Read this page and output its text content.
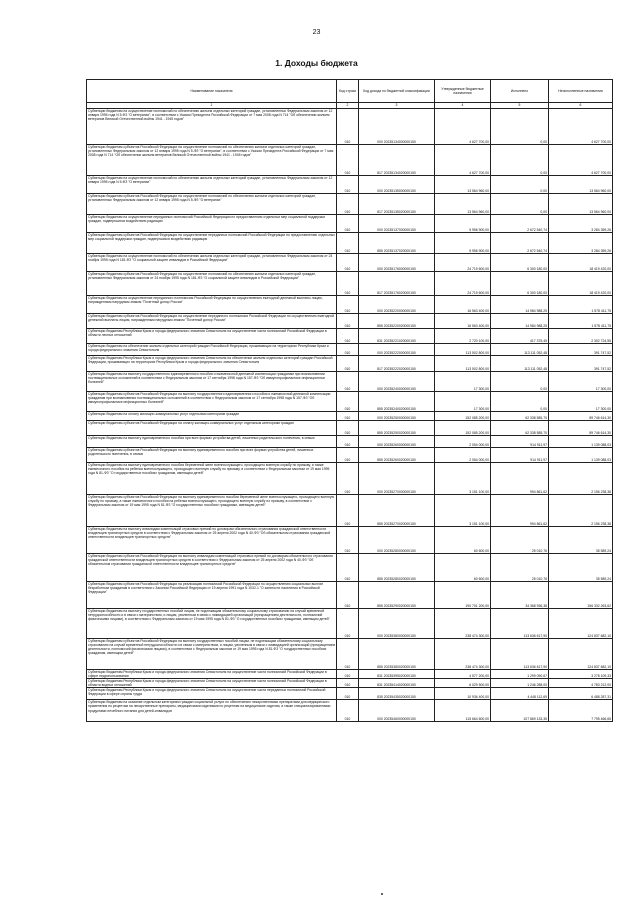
23
1. Доходы бюджета
Наименование показателя	Код строки	Код дохода по бюджетной классификации	Утвержденные бюджетные назначения	Исполнено	Неисполненные назначения
1	2	3	4	5	6
Субвенции бюджетам на осуществление полномочий по обеспечению жильем отдельных категорий граждан, установленных Федеральным законом от 12 января 1995 года N 5-ФЗ "О ветеранах", в соответствии с Указом Президента Российской Федерации от 7 мая 2008 года N 714 "Об обеспечении жильем ветеранов Великой Отечественной войны 1941 - 1945 годов"	010	000 20235134000000150	4 627 700,00	0,00	4 627 700,00
Субвенции бюджетам субъектов Российской Федерации на осуществление полномочий по обеспечению жильем отдельных категорий граждан, установленных Федеральным законом от 12 января 1995 года N 5-ФЗ "О ветеранах", в соответствии с Указом Президента Российской Федерации от 7 мая 2008 года N 714 "Об обеспечении жильем ветеранов Великой Отечественной войны 1941 - 1945 годов"	010	817 20235134020000150	4 627 700,00	0,00	4 627 700,00
Субвенции бюджетам на осуществление полномочий по обеспечению жильем отдельных категорий граждан, установленных Федеральным законом от 12 января 1995 года N 5-ФЗ "О ветеранах"	010	000 20235135000000150	13 564 960,00	0,00	13 564 960,00
Субвенции бюджетам субъектов Российской Федерации на осуществление полномочий по обеспечению жильем отдельных категорий граждан, установленных Федеральным законом от 12 января 1995 года N 5-ФЗ "О ветеранах"	010	817 20235135020000150	13 564 960,00	0,00	13 564 960,00
Субвенции бюджетам на осуществление переданных полномочий Российской Федерации по предоставлению отдельных мер социальной поддержки граждан, подвергшихся воздействию радиации	010	000 20235137000000150	5 956 900,00	2 672 540,74	3 284 359,26
Субвенции бюджетам субъектов Российской Федерации на осуществление переданных полномочий Российской Федерации по предоставлению отдельных мер социальной поддержки граждан, подвергшихся воздействию радиации	010	855 20235137020000150	5 956 900,00	2 672 540,74	3 284 359,26
Субвенции бюджетам на осуществление полномочий по обеспечению жильем отдельных категорий граждан, установленных Федеральным законом от 24 ноября 1995 года N 181-ФЗ "О социальной защите инвалидов в Российской Федерации"	010	000 20235176000000150	24 719 600,00	6 300 180,00	18 419 420,00
Субвенции бюджетам субъектов Российской Федерации на осуществление полномочий по обеспечению жильем отдельных категорий граждан, установленных Федеральным законом от 24 ноября 1995 года N 181-ФЗ "О социальной защите инвалидов в Российской Федерации"	010	817 20235176020000150	24 719 600,00	6 300 180,00	18 419 420,00
Субвенции бюджетам на осуществление переданного полномочия Российской Федерации по осуществлению ежегодной денежной выплаты лицам, награжденным нагрудным знаком "Почетный донор России"	010	000 20235220000000150	16 563 400,00	14 984 988,25	1 578 411,75
Субвенции бюджетам субъектов Российской Федерации на осуществление переданного полномочия Российской Федерации по осуществлению ежегодной денежной выплаты лицам, награжденным нагрудным знаком "Почетный донор России"	010	855 20235220020000150	16 563 400,00	14 984 988,25	1 578 411,75
Субвенции бюджетам Республики Крым и города федерального значения Севастополя на осуществление части полномочий Российской Федерации в области лесных отношений	010	831 20235221020000150	2 720 100,00	417 375,45	2 302 724,55
Субвенции бюджетам на обеспечение жильем отдельных категорий граждан Российской Федерации, проживающих на территориях Республики Крым и города федерального значения Севастополя	010	000 20235222000000150	113 502 800,00	113 111 052,48	391 747,52
Субвенции бюджетам Республики Крым и города федерального значения Севастополя на обеспечение жильем отдельных категорий граждан Российской Федерации, проживающих на территориях Республики Крым и города федерального значения Севастополя	010	817 20235222020000150	113 502 800,00	113 111 052,48	391 747,52
Субвенции бюджетам на выплату государственного единовременного пособия и ежемесячной денежной компенсации гражданам при возникновении поствакцинальных осложнений в соответствии с Федеральным законом от 17 сентября 1998 года N 157-ФЗ "Об иммунопрофилактике инфекционных болезней"	010	000 20235240000000150	17 300,00	0,00	17 300,00
Субвенции бюджетам субъектов Российской Федерации на выплату государственного единовременного пособия и ежемесячной денежной компенсации гражданам при возникновении поствакцинальных осложнений в соответствии с Федеральным законом от 17 сентября 1998 года N 157-ФЗ "Об иммунопрофилактике инфекционных болезней"	010	855 20235240020000150	17 300,00	0,00	17 300,00
Субвенции бюджетам на оплату жилищно-коммунальных услуг отдельным категориям граждан	010	000 20235250000000150	152 085 200,00	62 338 585,70	89 746 614,30
Субвенции бюджетам субъектов Российской Федерации на оплату жилищно-коммунальных услуг отдельным категориям граждан	010	855 20235250020000150	152 085 200,00	62 338 585,70	89 746 614,30
Субвенции бюджетам на выплату единовременного пособия при всех формах устройства детей, лишенных родительского попечения, в семью	010	000 20235260000000150	2 054 000,00	914 911,97	1 139 088,03
Субвенции бюджетам субъектов Российской Федерации на выплату единовременного пособия при всех формах устройства детей, лишенных родительского попечения, в семью	010	855 20235260020000150	2 054 000,00	914 911,97	1 139 088,03
Субвенции бюджетам на выплату единовременного пособия беременной жене военнослужащего, проходящего военную службу по призыву, а также ежемесячного пособия на ребенка военнослужащего, проходящего военную службу по призыву, в соответствии с Федеральным законом от 19 мая 1995 года N 81-ФЗ "О государственных пособиях гражданам, имеющим детей"	010	000 20235270000000150	3 151 100,00	994 861,62	2 156 238,38
Субвенции бюджетам субъектов Российской Федерации на выплату единовременного пособия беременной жене военнослужащего, проходящего военную службу по призыву, а также ежемесячного пособия на ребенка военнослужащего, проходящего военную службу по призыву, в соответствии с Федеральным законом от 19 мая 1995 года N 81-ФЗ "О государственных пособиях гражданам, имеющим детей"	010	855 20235270020000150	3 151 100,00	994 861,62	2 156 238,38
Субвенции бюджетам на выплату инвалидам компенсаций страховых премий по договорам обязательного страхования гражданской ответственности владельцев транспортных средств в соответствии с Федеральным законом от 25 апреля 2002 года N 40-ФЗ "Об обязательном страховании гражданской ответственности владельцев транспортных средств"	010	000 20235280000000150	60 600,00	25 010,76	35 589,24
Субвенции бюджетам субъектов Российской Федерации на выплату инвалидам компенсаций страховых премий по договорам обязательного страхования гражданской ответственности владельцев транспортных средств в соответствии с Федеральным законом от 25 апреля 2002 года N 40-ФЗ "Об обязательном страховании гражданской ответственности владельцев транспортных средств"	010	855 20235280020000150	60 600,00	25 010,76	35 589,24
Субвенции бюджетам субъектов Российской Федерации на реализацию полномочий Российской Федерации по осуществлению социальных выплат безработным гражданам в соответствии с Законом Российской Федерации от 19 апреля 1991 года N 1032-1 "О занятости населения в Российской Федерации"	010	855 20235290020000150	190 701 200,00	34 368 936,38	156 332 263,62
Субвенции бюджетам на выплату государственных пособий лицам, не подлежащим обязательному социальному страхованию на случай временной нетрудоспособности и в связи с материнством, и лицам, уволенным в связи с ликвидацией организаций (прекращением деятельности, полномочий физическими лицами), в соответствии с Федеральным законом от 19 мая 1995 года N 81-ФЗ "О государственных пособиях гражданам, имеющим детей"	010	000 20235380000000150	238 474 300,00	113 636 617,90	124 837 682,10
Субвенции бюджетам субъектов Российской Федерации на выплату государственных пособий лицам, не подлежащим обязательному социальному страхованию на случай временной нетрудоспособности и в связи с материнством, и лицам, уволенным в связи с ликвидацией организаций (прекращением деятельности, полномочий физическими лицами), в соответствии с Федеральным законом от 19 мая 1995 года N 81-ФЗ "О государственных пособиях гражданам, имеющим детей"	010	855 20235380020000150	238 474 300,00	113 636 617,90	124 837 682,10
Субвенции бюджетам Республики Крым и города федерального значения Севастополя на осуществление части полномочий Российской Федерации в сфере недропользования	010	831 20235395020000150	4 577 200,00	1 299 090,67	3 278 109,33
Субвенции бюджетам Республики Крым и города федерального значения Севастополя на осуществление части полномочий Российской Федерации в области водных отношений	010	831 20235414020000150	6 029 500,00	1 246 288,00	4 783 212,00
Субвенции бюджетам Республики Крым и города федерального значения Севастополя на осуществление части переданных полномочий Российской Федерации в сфере охраны труда	010	835 20235435020000150	10 936 400,00	4 448 112,69	6 488 287,31
Субвенции бюджетам на оказание отдельным категориям граждан социальной услуги по обеспечению лекарственными препаратами для медицинского применения по рецептам на лекарственные препараты, медицинскими изделиями по рецептам на медицинские изделия, а также специализированными продуктами лечебного питания для детей-инвалидов	010	000 20235460000000150	115 664 600,00	107 869 133,35	7 795 466,65
